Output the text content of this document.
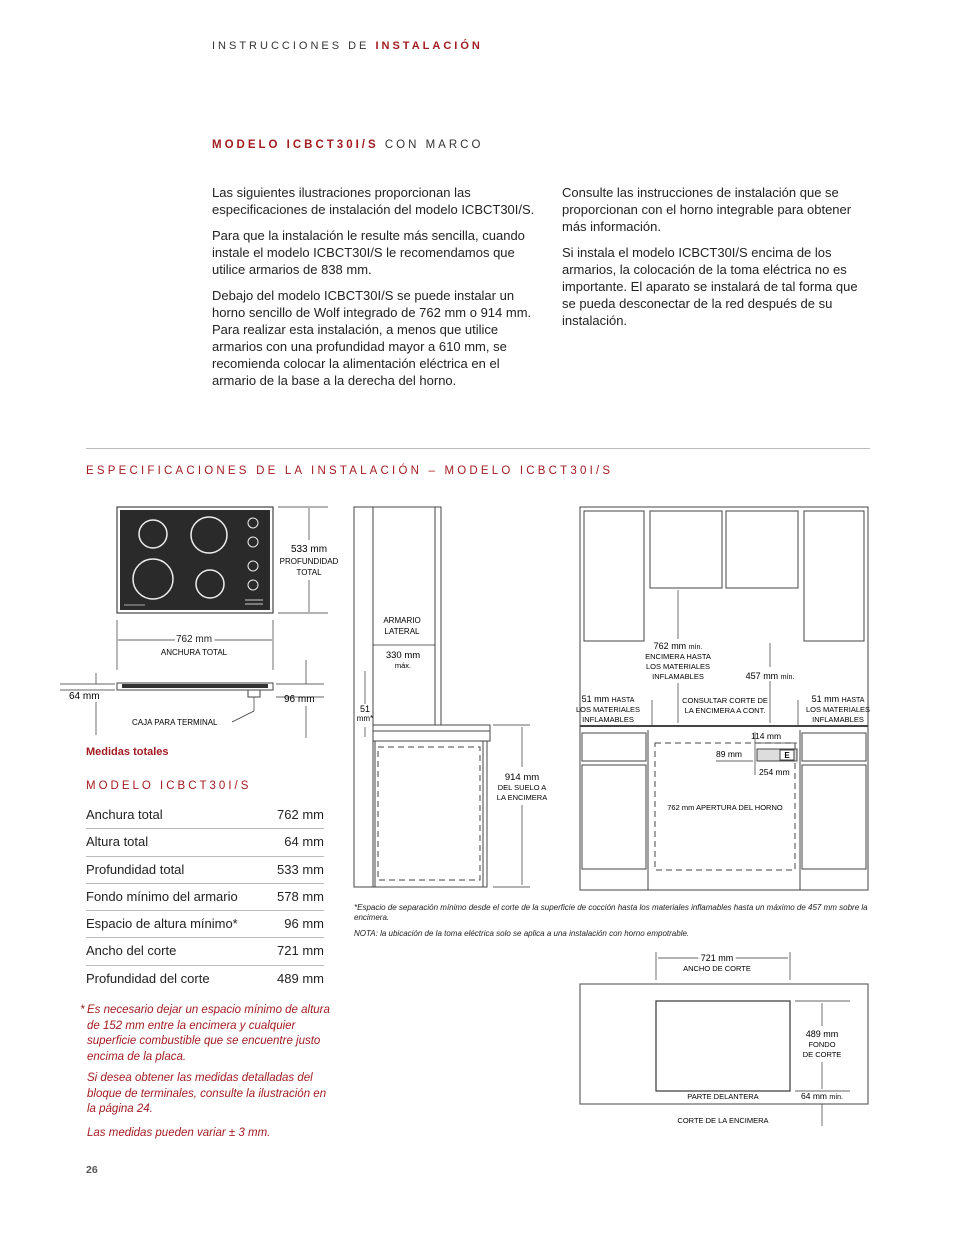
INSTRUCCIONES DE INSTALACIÓN
MODELO ICBCT30I/S CON MARCO

Las siguientes ilustraciones proporcionan las especificaciones de instalación del modelo ICBCT30I/S.

Para que la instalación le resulte más sencilla, cuando instale el modelo ICBCT30I/S le recomendamos que utilice armarios de 838 mm.

Debajo del modelo ICBCT30I/S se puede instalar un horno sencillo de Wolf integrado de 762 mm o 914 mm. Para realizar esta instalación, a menos que utilice armarios con una profundidad mayor a 610 mm, se recomienda colocar la alimentación eléctrica en el armario de la base a la derecha del horno.

Consulte las instrucciones de instalación que se proporcionan con el horno integrable para obtener más información.

Si instala el modelo ICBCT30I/S encima de los armarios, la colocación de la toma eléctrica no es importante. El aparato se instalará de tal forma que se pueda desconectar de la red después de su instalación.

ESPECIFICACIONES DE LA INSTALACIÓN – MODELO ICBCT30I/S
533 mm
PROFUNDIDAD
TOTAL
762 mm
ANCHURA TOTAL
64 mm	96 mm
CAJA PARA TERMINAL
Medidas totales
ARMARIO
LATERAL
330 mm
máx.
51
mm*
914 mm
DEL SUELO A
LA ENCIMERA
762 mm APERTURA DEL HORNO
E
114 mm
89 mm
254 mm
762 mm mín.
ENCIMERA HASTA
LOS MATERIALES
INFLAMABLES	457 mm mín.
51 mm HASTA
LOS MATERIALES
INFLAMABLES
51 mm HASTA
LOS MATERIALES
INFLAMABLES
CONSULTAR CORTE DE
LA ENCIMERA A CONT.
*Espacio de separación mínimo desde el corte de la superficie de cocción hasta los materiales inflamables hasta un máximo de 457 mm sobre la encimera.
NOTA: la ubicación de la toma eléctrica solo se aplica a una instalación con horno empotrable.
721 mm
ANCHO DE CORTE
489 mm
FONDO
DE CORTE
PARTE DELANTERA	64 mm mín.
CORTE DE LA ENCIMERA
MODELO ICBCT30I/S
Anchura total	762 mm
Altura total	64 mm
Profundidad total	533 mm
Fondo mínimo del armario	578 mm
Espacio de altura mínimo*	96 mm
Ancho del corte	721 mm
Profundidad del corte	489 mm
* Es necesario dejar un espacio mínimo de altura de 152 mm entre la encimera y cualquier superficie combustible que se encuentre justo encima de la placa.
Si desea obtener las medidas detalladas del bloque de terminales, consulte la ilustración en la página 24.
Las medidas pueden variar ± 3 mm.
26
